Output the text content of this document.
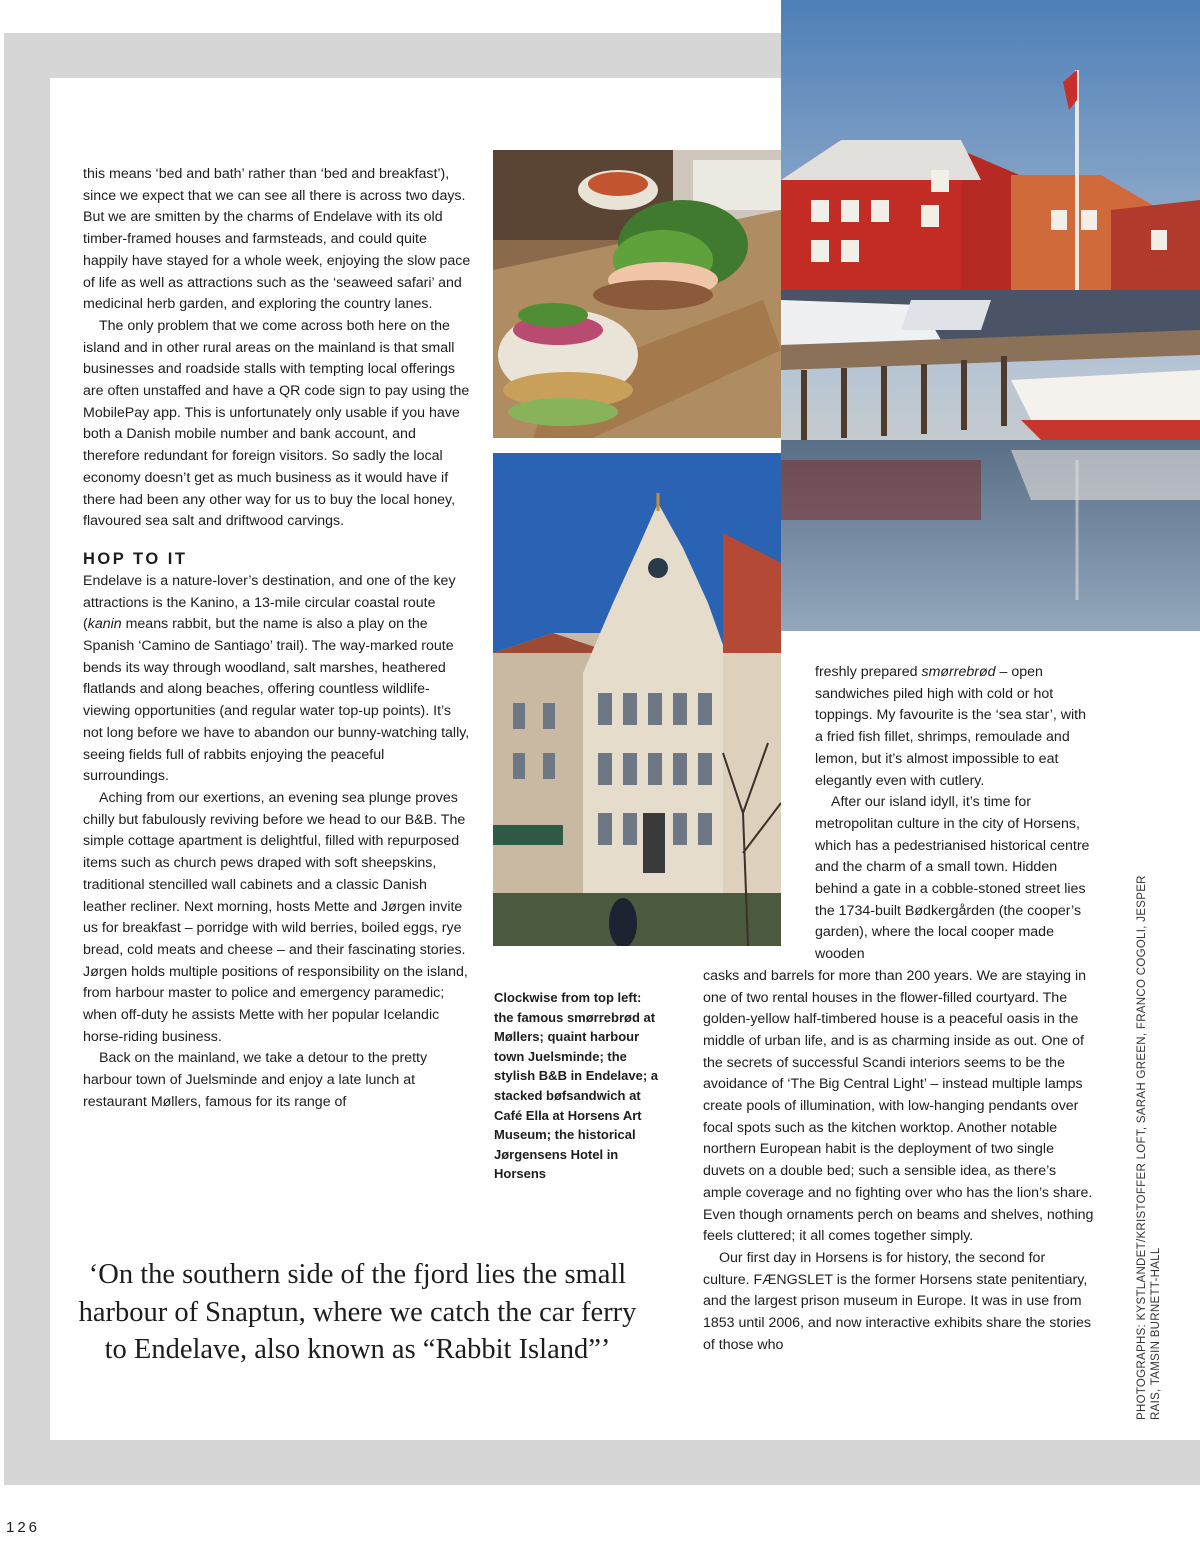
this means ‘bed and bath’ rather than ‘bed and breakfast’), since we expect that we can see all there is across two days. But we are smitten by the charms of Endelave with its old timber-framed houses and farmsteads, and could quite happily have stayed for a whole week, enjoying the slow pace of life as well as attractions such as the ‘seaweed safari’ and medicinal herb garden, and exploring the country lanes.

The only problem that we come across both here on the island and in other rural areas on the mainland is that small businesses and roadside stalls with tempting local offerings are often unstaffed and have a QR code sign to pay using the MobilePay app. This is unfortunately only usable if you have both a Danish mobile number and bank account, and therefore redundant for foreign visitors. So sadly the local economy doesn’t get as much business as it would have if there had been any other way for us to buy the local honey, flavoured sea salt and driftwood carvings.

HOP TO IT

Endelave is a nature-lover’s destination, and one of the key attractions is the Kanino, a 13-mile circular coastal route (kanin means rabbit, but the name is also a play on the Spanish ‘Camino de Santiago’ trail). The way-marked route bends its way through woodland, salt marshes, heathered flatlands and along beaches, offering countless wildlife-viewing opportunities (and regular water top-up points). It’s not long before we have to abandon our bunny-watching tally, seeing fields full of rabbits enjoying the peaceful surroundings.

Aching from our exertions, an evening sea plunge proves chilly but fabulously reviving before we head to our B&B. The simple cottage apartment is delightful, filled with repurposed items such as church pews draped with soft sheepskins, traditional stencilled wall cabinets and a classic Danish leather recliner. Next morning, hosts Mette and Jørgen invite us for breakfast – porridge with wild berries, boiled eggs, rye bread, cold meats and cheese – and their fascinating stories. Jørgen holds multiple positions of responsibility on the island, from harbour master to police and emergency paramedic; when off-duty he assists Mette with her popular Icelandic horse-riding business.

Back on the mainland, we take a detour to the pretty harbour town of Juelsminde and enjoy a late lunch at restaurant Møllers, famous for its range of

Clockwise from top left: the famous smørrebrød at Møllers; quaint harbour town Juelsminde; the stylish B&B in Endelave; a stacked bøfsandwich at Café Ella at Horsens Art Museum; the historical Jørgensens Hotel in Horsens

freshly prepared smørrebrød – open sandwiches piled high with cold or hot toppings. My favourite is the ‘sea star’, with a fried fish fillet, shrimps, remoulade and lemon, but it’s almost impossible to eat elegantly even with cutlery.

After our island idyll, it’s time for metropolitan culture in the city of Horsens, which has a pedestrianised historical centre and the charm of a small town. Hidden behind a gate in a cobble-stoned street lies the 1734-built Bødkergården (the cooper’s garden), where the local cooper made wooden

casks and barrels for more than 200 years. We are staying in one of two rental houses in the flower-filled courtyard. The golden-yellow half-timbered house is a peaceful oasis in the middle of urban life, and is as charming inside as out. One of the secrets of successful Scandi interiors seems to be the avoidance of ‘The Big Central Light’ – instead multiple lamps create pools of illumination, with low-hanging pendants over focal spots such as the kitchen worktop. Another notable northern European habit is the deployment of two single duvets on a double bed; such a sensible idea, as there’s ample coverage and no fighting over who has the lion’s share. Even though ornaments perch on beams and shelves, nothing feels cluttered; it all comes together simply.

Our first day in Horsens is for history, the second for culture. FÆNGSLET is the former Horsens state penitentiary, and the largest prison museum in Europe. It was in use from 1853 until 2006, and now interactive exhibits share the stories of those who

‘On the southern side of the fjord lies the small harbour of Snaptun, where we catch the car ferry to Endelave, also known as “Rabbit Island”’	PHOTOGRAPHS: KYSTLANDET/KRISTOFFER LOFT, SARAH GREEN, FRANCO COGOLI, JESPER RAIS, TAMSIN BURNETT-HALL
126
